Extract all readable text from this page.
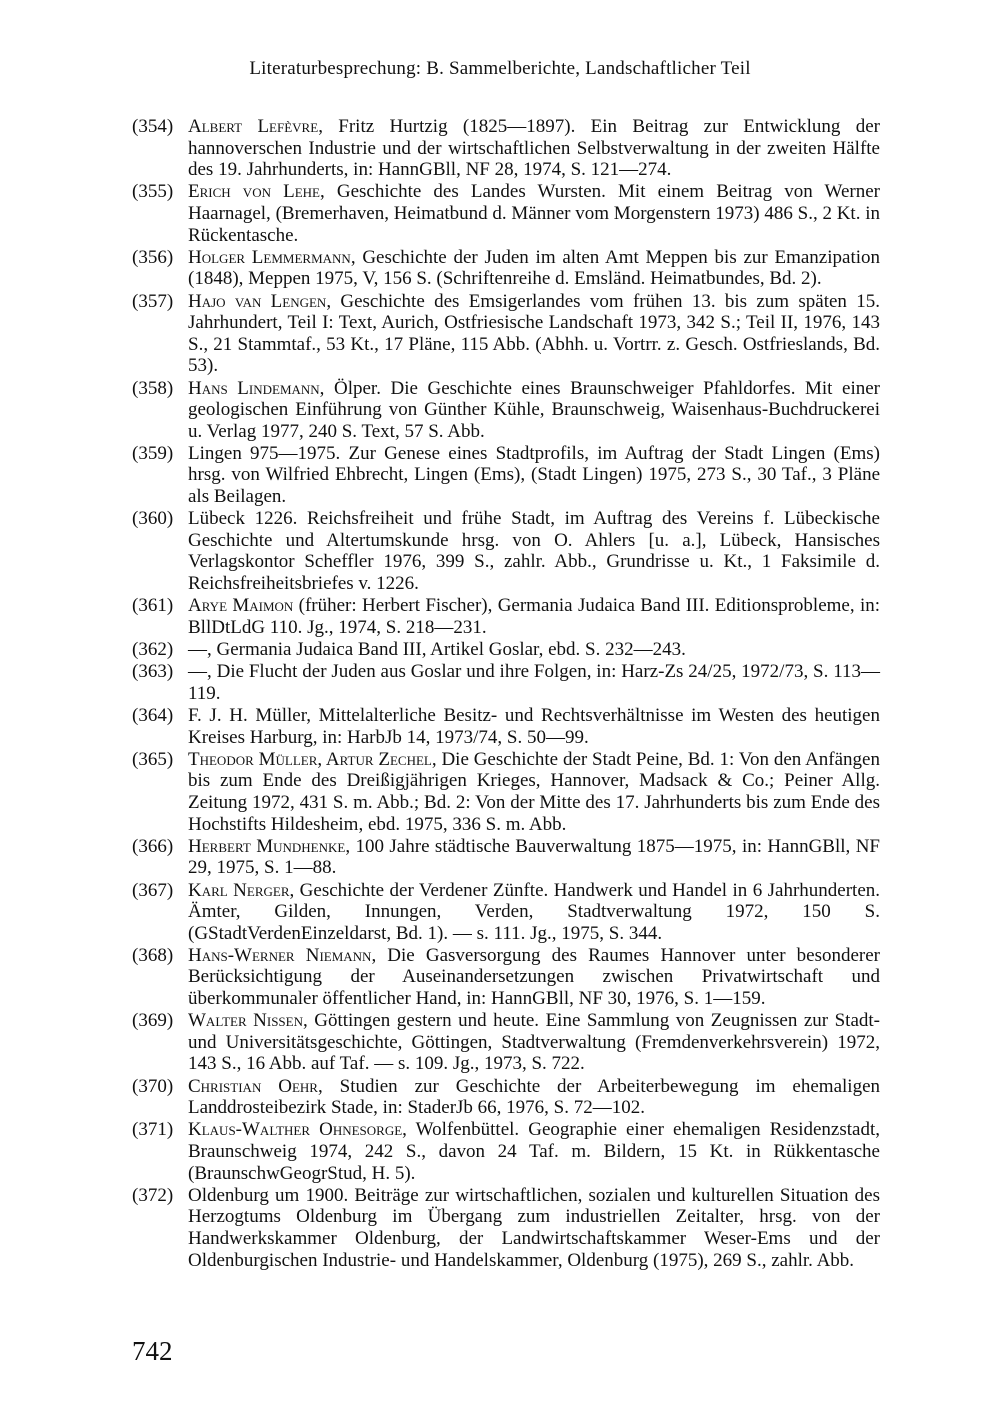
Literaturbesprechung: B. Sammelberichte, Landschaftlicher Teil
(354) Albert Lefèvre, Fritz Hurtzig (1825—1897). Ein Beitrag zur Entwicklung der hannoverschen Industrie und der wirtschaftlichen Selbstverwaltung in der zweiten Hälfte des 19. Jahrhunderts, in: HannGBll, NF 28, 1974, S. 121—274.
(355) Erich von Lehe, Geschichte des Landes Wursten. Mit einem Beitrag von Werner Haarnagel, (Bremerhaven, Heimatbund d. Männer vom Morgenstern 1973) 486 S., 2 Kt. in Rückentasche.
(356) Holger Lemmermann, Geschichte der Juden im alten Amt Meppen bis zur Emanzipation (1848), Meppen 1975, V, 156 S. (Schriftenreihe d. Emsländ. Heimatbundes, Bd. 2).
(357) Hajo van Lengen, Geschichte des Emsigerlandes vom frühen 13. bis zum späten 15. Jahrhundert, Teil I: Text, Aurich, Ostfriesische Landschaft 1973, 342 S.; Teil II, 1976, 143 S., 21 Stammtaf., 53 Kt., 17 Pläne, 115 Abb. (Abhh. u. Vortrr. z. Gesch. Ostfrieslands, Bd. 53).
(358) Hans Lindemann, Ölper. Die Geschichte eines Braunschweiger Pfahldorfes. Mit einer geologischen Einführung von Günther Kühle, Braunschweig, Waisenhaus-Buchdruckerei u. Verlag 1977, 240 S. Text, 57 S. Abb.
(359) Lingen 975—1975. Zur Genese eines Stadtprofils, im Auftrag der Stadt Lingen (Ems) hrsg. von Wilfried Ehbrecht, Lingen (Ems), (Stadt Lingen) 1975, 273 S., 30 Taf., 3 Pläne als Beilagen.
(360) Lübeck 1226. Reichsfreiheit und frühe Stadt, im Auftrag des Vereins f. Lübeckische Geschichte und Altertumskunde hrsg. von O. Ahlers [u. a.], Lübeck, Hansisches Verlagskontor Scheffler 1976, 399 S., zahlr. Abb., Grundrisse u. Kt., 1 Faksimile d. Reichsfreiheitsbriefes v. 1226.
(361) Arye Maimon (früher: Herbert Fischer), Germania Judaica Band III. Editionsprobleme, in: BllDtLdG 110. Jg., 1974, S. 218—231.
(362) —, Germania Judaica Band III, Artikel Goslar, ebd. S. 232—243.
(363) —, Die Flucht der Juden aus Goslar und ihre Folgen, in: Harz-Zs 24/25, 1972/73, S. 113—119.
(364) F. J. H. Müller, Mittelalterliche Besitz- und Rechtsverhältnisse im Westen des heutigen Kreises Harburg, in: HarbJb 14, 1973/74, S. 50—99.
(365) Theodor Müller, Artur Zechel, Die Geschichte der Stadt Peine, Bd. 1: Von den Anfängen bis zum Ende des Dreißigjährigen Krieges, Hannover, Madsack & Co.; Peiner Allg. Zeitung 1972, 431 S. m. Abb.; Bd. 2: Von der Mitte des 17. Jahrhunderts bis zum Ende des Hochstifts Hildesheim, ebd. 1975, 336 S. m. Abb.
(366) Herbert Mundhenke, 100 Jahre städtische Bauverwaltung 1875—1975, in: HannGBll, NF 29, 1975, S. 1—88.
(367) Karl Nerger, Geschichte der Verdener Zünfte. Handwerk und Handel in 6 Jahrhunderten. Ämter, Gilden, Innungen, Verden, Stadtverwaltung 1972, 150 S. (GStadtVerdenEinzeldarst, Bd. 1). — s. 111. Jg., 1975, S. 344.
(368) Hans-Werner Niemann, Die Gasversorgung des Raumes Hannover unter besonderer Berücksichtigung der Auseinandersetzungen zwischen Privatwirtschaft und überkommunaler öffentlicher Hand, in: HannGBll, NF 30, 1976, S. 1—159.
(369) Walter Nissen, Göttingen gestern und heute. Eine Sammlung von Zeugnissen zur Stadt- und Universitätsgeschichte, Göttingen, Stadtverwaltung (Fremdenverkehrsverein) 1972, 143 S., 16 Abb. auf Taf. — s. 109. Jg., 1973, S. 722.
(370) Christian Oehr, Studien zur Geschichte der Arbeiterbewegung im ehemaligen Landdrosteibezirk Stade, in: StaderJb 66, 1976, S. 72—102.
(371) Klaus-Walther Ohnesorge, Wolfenbüttel. Geographie einer ehemaligen Residenzstadt, Braunschweig 1974, 242 S., davon 24 Taf. m. Bildern, 15 Kt. in Rükkentasche (BraunschwGeogrStud, H. 5).
(372) Oldenburg um 1900. Beiträge zur wirtschaftlichen, sozialen und kulturellen Situation des Herzogtums Oldenburg im Übergang zum industriellen Zeitalter, hrsg. von der Handwerkskammer Oldenburg, der Landwirtschaftskammer Weser-Ems und der Oldenburgischen Industrie- und Handelskammer, Oldenburg (1975), 269 S., zahlr. Abb.
742
